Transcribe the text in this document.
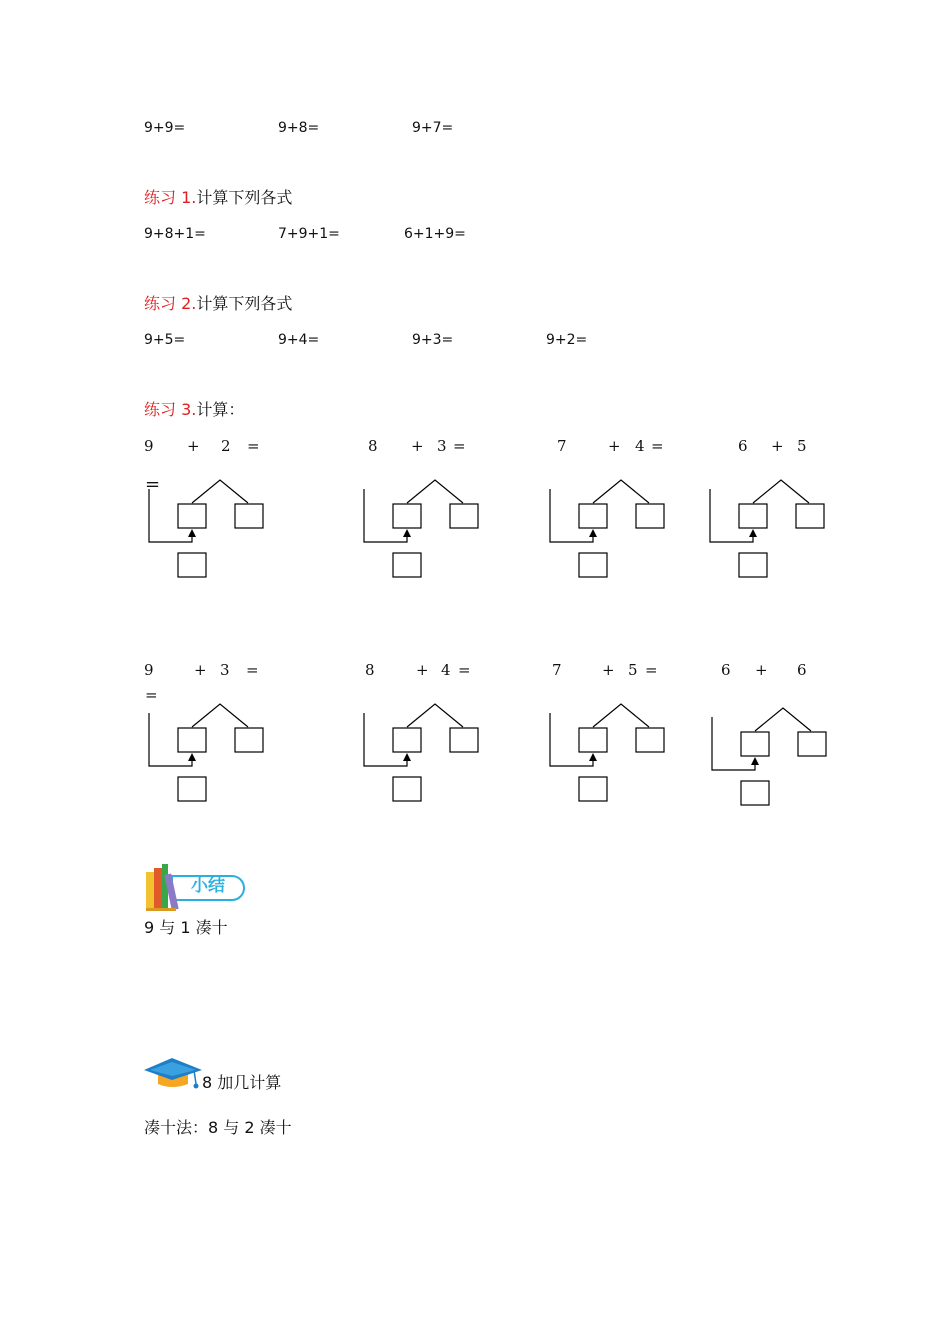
9+9=	9+8=	9+7=
练习 1.计算下列各式
9+8+1=	7+9+1=	6+1+9=
练习 2.计算下列各式
9+5=	9+4=	9+3=	9+2=
练习 3.计算：
9 + 2 =
=
8 + 3 =	7	+ 4 =	6 + 5
9	+ 3 =
=
8	+ 4 =	7	+ 5 =	6 + 6
小结
9 与 1 凑十
8 加几计算
凑十法：8 与 2 凑十
